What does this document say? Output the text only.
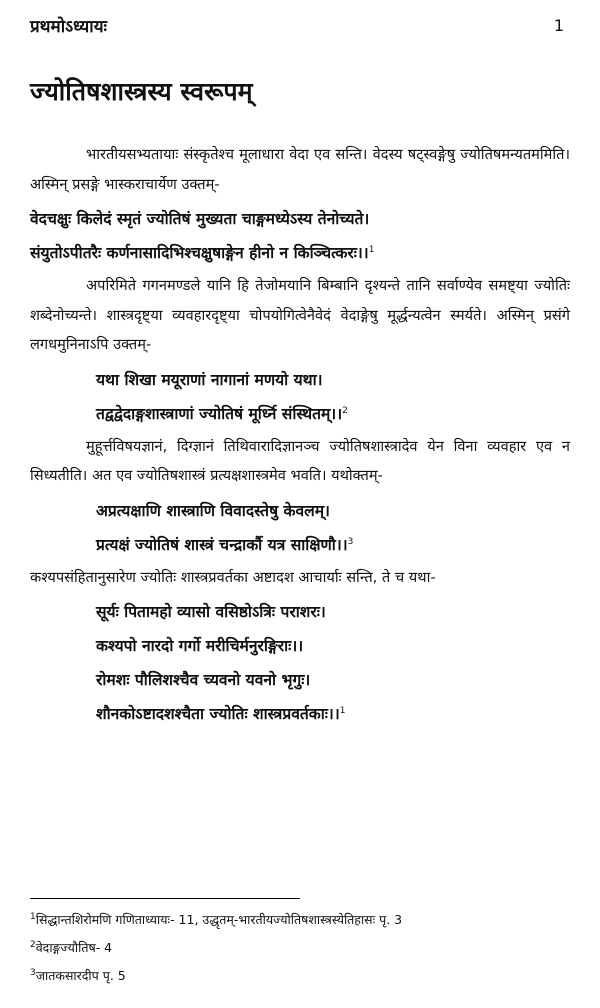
प्रथमोऽध्यायः	1
ज्योतिषशास्त्रस्य स्वरूपम्

भारतीयसभ्यतायाः संस्कृतेश्च मूलाधारा वेदा एव सन्ति। वेदस्य षट्स्वङ्गेषु ज्योतिषमन्यतममिति। अस्मिन् प्रसङ्गे भास्कराचार्येण उक्तम्-

वेदचक्षुः किलेदं स्मृतं ज्योतिषं मुख्यता चाङ्गमध्येऽस्य तेनोच्यते।

संयुतोऽपीतरैः कर्णनासादिभिश्चक्षुषाङ्गेन हीनो न किञ्चित्करः।।$^1$

अपरिमिते गगनमण्डले यानि हि तेजोमयानि बिम्बानि दृश्यन्ते तानि सर्वाण्येव समष्ट्या ज्योतिः शब्देनोच्यन्ते। शास्त्रदृष्ट्या व्यवहारदृष्ट्या चोपयोगित्वेनैवेदं वेदाङ्गेषु मूर्द्धन्यत्वेन स्मर्यते। अस्मिन् प्रसंगे लगधमुनिनाऽपि उक्तम्-

यथा शिखा मयूराणां नागानां मणयो यथा।

तद्वद्वेदाङ्गशास्त्राणां ज्योतिषं मूर्ध्नि संस्थितम्।।$^2$

मुहूर्त्तविषयज्ञानं, दिग्ज्ञानं तिथिवारादिज्ञानञ्च ज्योतिषशास्त्रादेव येन विना व्यवहार एव न सिध्यतीति। अत एव ज्योतिषशास्त्रं प्रत्यक्षशास्त्रमेव भवति। यथोक्तम्-

अप्रत्यक्षाणि शास्त्राणि विवादस्तेषु केवलम्।

प्रत्यक्षं ज्योतिषं शास्त्रं चन्द्रार्कौ यत्र साक्षिणौ।।$^3$

कश्यपसंहितानुसारेण ज्योतिः शास्त्रप्रवर्तका अष्टादश आचार्याः सन्ति, ते च यथा-

सूर्यः पितामहो व्यासो वसिष्ठोऽत्रिः पराशरः।

कश्यपो नारदो गर्गो मरीचिर्मनुरङ्गिराः।।

रोमशः पौलिशश्चैव च्यवनो यवनो भृगुः।

शौनकोऽष्टादशश्चैता ज्योतिः शास्त्रप्रवर्तकाः।।$^1$

$^1$सिद्धान्तशिरोमणि गणिताध्यायः- 11, उद्धृतम्-भारतीयज्योतिषशास्त्रस्येतिहासः पृ. 3

$^2$वेदाङ्गज्यौतिष- 4

$^3$जातकसारदीप पृ. 5
